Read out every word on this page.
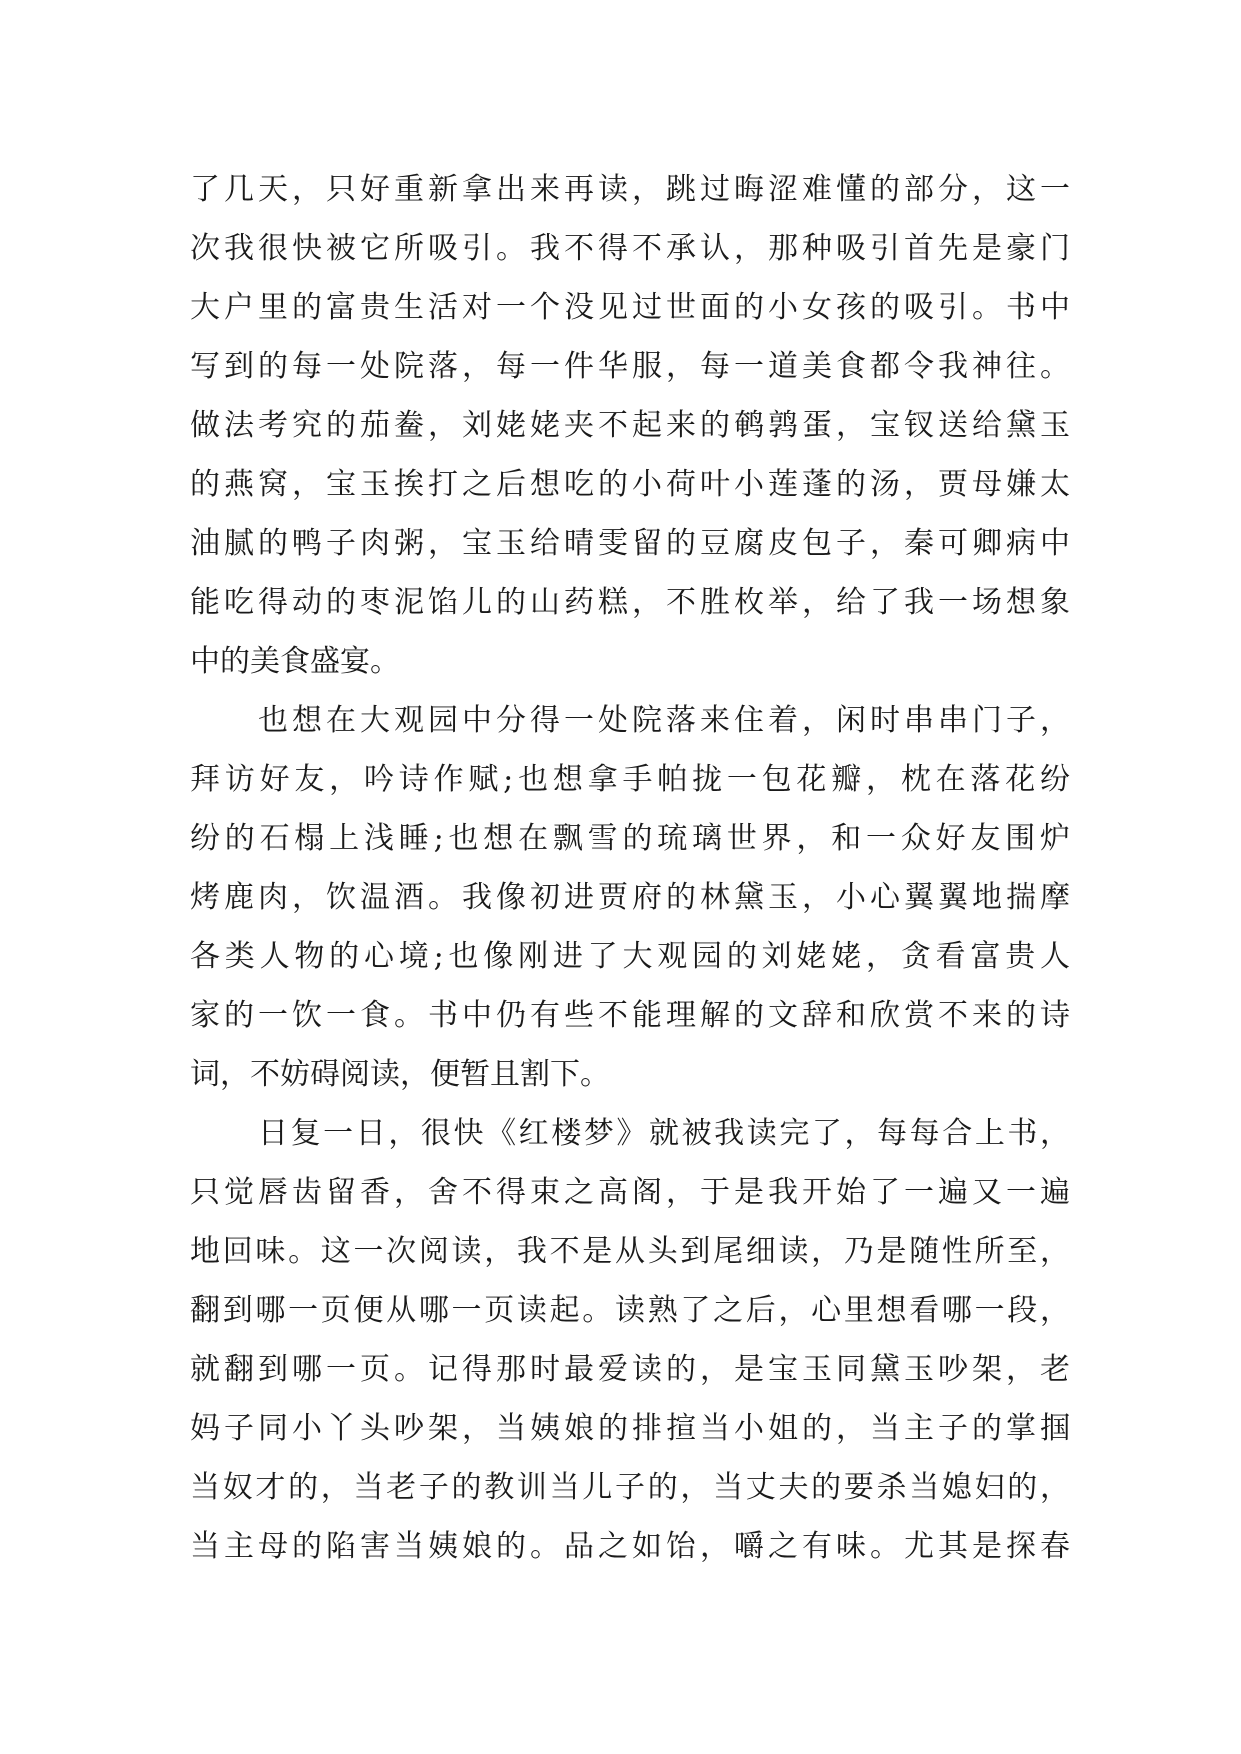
了几天，只好重新拿出来再读，跳过晦涩难懂的部分，这一
次我很快被它所吸引。我不得不承认，那种吸引首先是豪门
大户里的富贵生活对一个没见过世面的小女孩的吸引。书中
写到的每一处院落，每一件华服，每一道美食都令我神往。
做法考究的茄鲞，刘姥姥夹不起来的鹌鹑蛋，宝钗送给黛玉
的燕窝，宝玉挨打之后想吃的小荷叶小莲蓬的汤，贾母嫌太
油腻的鸭子肉粥，宝玉给晴雯留的豆腐皮包子，秦可卿病中
能吃得动的枣泥馅儿的山药糕，不胜枚举，给了我一场想象
中的美食盛宴。
也想在大观园中分得一处院落来住着，闲时串串门子，
拜访好友，吟诗作赋;也想拿手帕拢一包花瓣，枕在落花纷
纷的石榻上浅睡;也想在飘雪的琉璃世界，和一众好友围炉
烤鹿肉，饮温酒。我像初进贾府的林黛玉，小心翼翼地揣摩
各类人物的心境;也像刚进了大观园的刘姥姥，贪看富贵人
家的一饮一食。书中仍有些不能理解的文辞和欣赏不来的诗
词，不妨碍阅读，便暂且割下。
日复一日，很快《红楼梦》就被我读完了，每每合上书，
只觉唇齿留香，舍不得束之高阁，于是我开始了一遍又一遍
地回味。这一次阅读，我不是从头到尾细读，乃是随性所至，
翻到哪一页便从哪一页读起。读熟了之后，心里想看哪一段，
就翻到哪一页。记得那时最爱读的，是宝玉同黛玉吵架，老
妈子同小丫头吵架，当姨娘的排揎当小姐的，当主子的掌掴
当奴才的，当老子的教训当儿子的，当丈夫的要杀当媳妇的，
当主母的陷害当姨娘的。品之如饴，嚼之有味。尤其是探春
